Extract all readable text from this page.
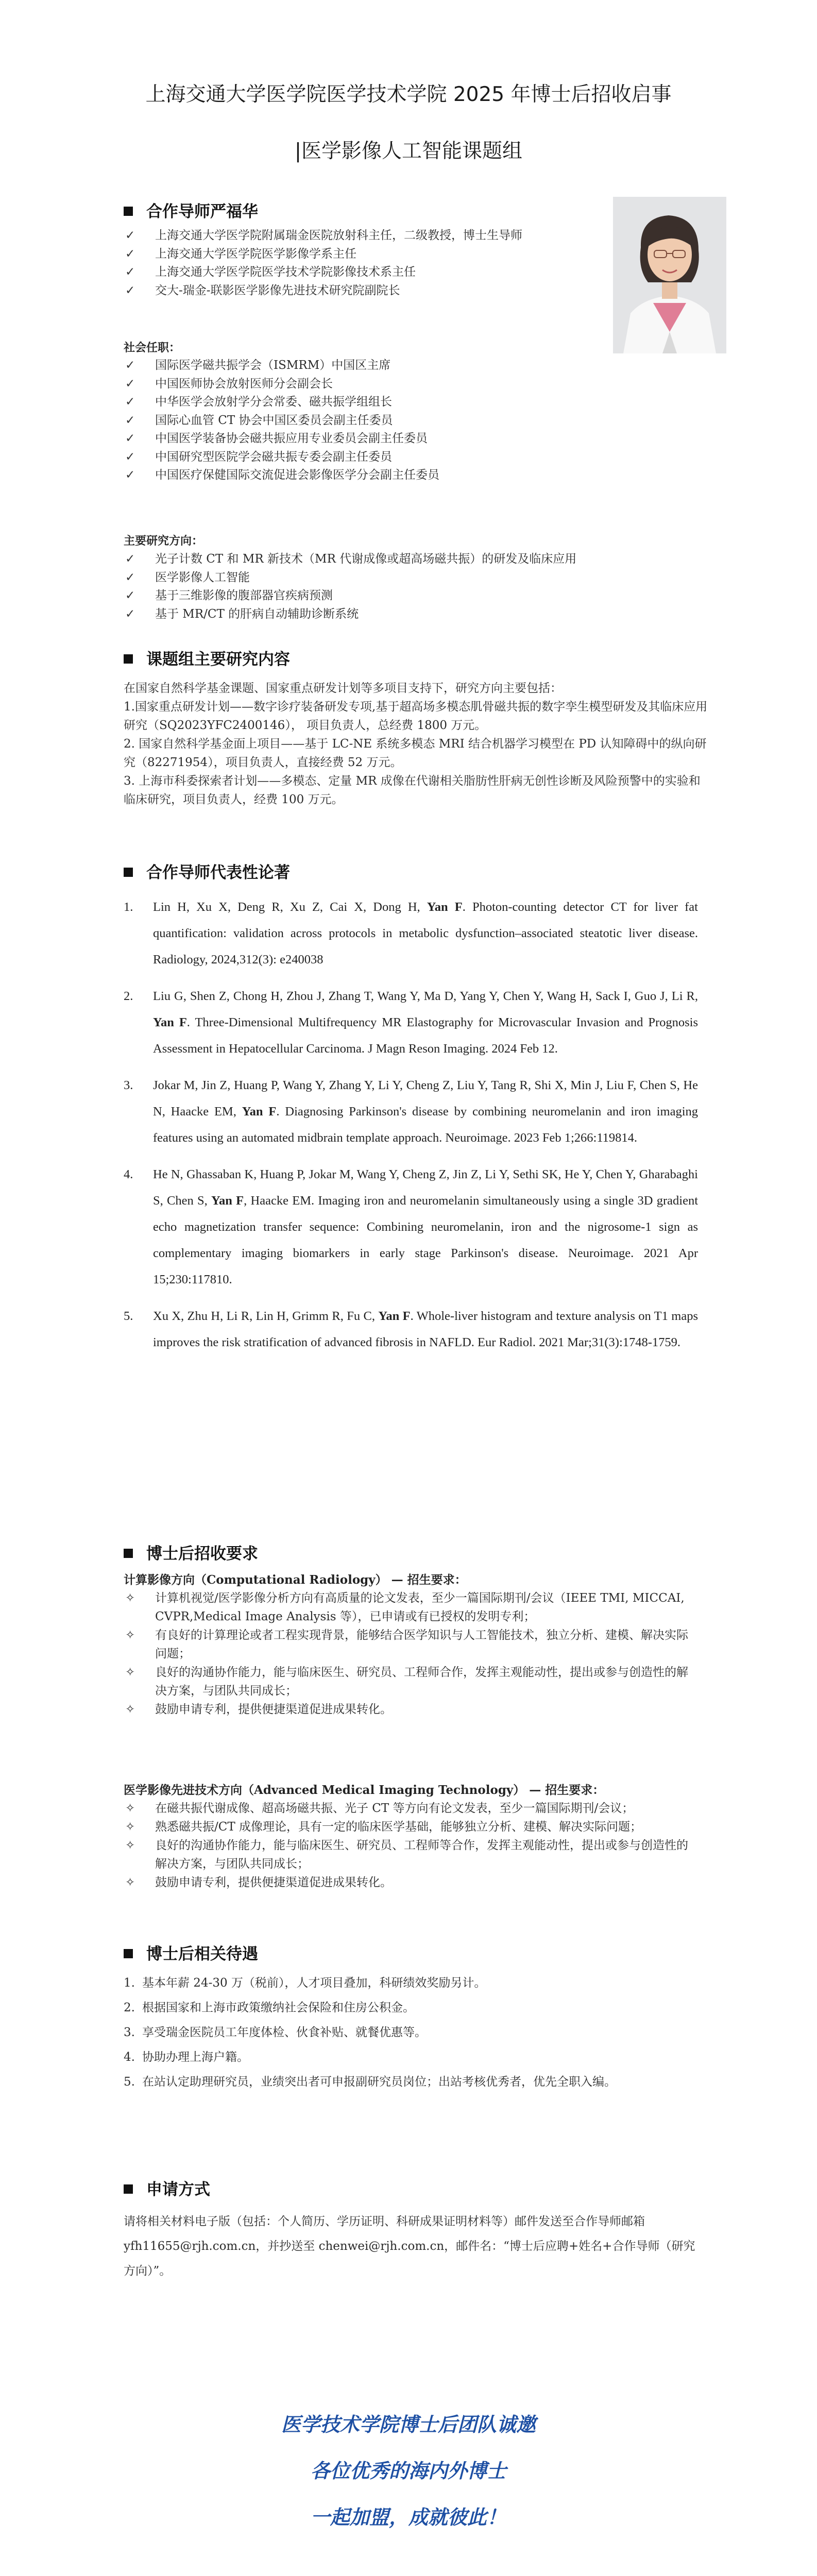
上海交通大学医学院医学技术学院 2025 年博士后招收启事
|医学影像人工智能课题组
合作导师严福华
✓ 上海交通大学医学院附属瑞金医院放射科主任，二级教授，博士生导师
✓ 上海交通大学医学院医学影像学系主任
✓ 上海交通大学医学院医学技术学院影像技术系主任
✓ 交大-瑞金-联影医学影像先进技术研究院副院长
社会任职：
✓ 国际医学磁共振学会（ISMRM）中国区主席
✓ 中国医师协会放射医师分会副会长
✓ 中华医学会放射学分会常委、磁共振学组组长
✓ 国际心血管 CT 协会中国区委员会副主任委员
✓ 中国医学装备协会磁共振应用专业委员会副主任委员
✓ 中国研究型医院学会磁共振专委会副主任委员
✓ 中国医疗保健国际交流促进会影像医学分会副主任委员
主要研究方向：
✓ 光子计数 CT 和 MR 新技术（MR 代谢成像或超高场磁共振）的研发及临床应用
✓ 医学影像人工智能
✓ 基于三维影像的腹部器官疾病预测
✓ 基于 MR/CT 的肝病自动辅助诊断系统
课题组主要研究内容

在国家自然科学基金课题、国家重点研发计划等多项目支持下，研究方向主要包括：

1.国家重点研发计划——数字诊疗装备研发专项,基于超高场多模态肌骨磁共振的数字孪生模型研发及其临床应用研究（SQ2023YFC2400146）， 项目负责人，总经费 1800 万元。

2. 国家自然科学基金面上项目——基于 LC-NE 系统多模态 MRI 结合机器学习模型在 PD 认知障碍中的纵向研究（82271954），项目负责人，直接经费 52 万元。

3. 上海市科委探索者计划——多模态、定量 MR 成像在代谢相关脂肪性肝病无创性诊断及风险预警中的实验和临床研究，项目负责人，经费 100 万元。

合作导师代表性论著
1. Lin H, Xu X, Deng R, Xu Z, Cai X, Dong H, Yan F. Photon-counting detector CT for liver fat quantification: validation across protocols in metabolic dysfunction–associated steatotic liver disease. Radiology, 2024,312(3): e240038
2. Liu G, Shen Z, Chong H, Zhou J, Zhang T, Wang Y, Ma D, Yang Y, Chen Y, Wang H, Sack I, Guo J, Li R, Yan F. Three-Dimensional Multifrequency MR Elastography for Microvascular Invasion and Prognosis Assessment in Hepatocellular Carcinoma. J Magn Reson Imaging. 2024 Feb 12.
3. Jokar M, Jin Z, Huang P, Wang Y, Zhang Y, Li Y, Cheng Z, Liu Y, Tang R, Shi X, Min J, Liu F, Chen S, He N, Haacke EM, Yan F. Diagnosing Parkinson's disease by combining neuromelanin and iron imaging features using an automated midbrain template approach. Neuroimage. 2023 Feb 1;266:119814.
4. He N, Ghassaban K, Huang P, Jokar M, Wang Y, Cheng Z, Jin Z, Li Y, Sethi SK, He Y, Chen Y, Gharabaghi S, Chen S, Yan F, Haacke EM. Imaging iron and neuromelanin simultaneously using a single 3D gradient echo magnetization transfer sequence: Combining neuromelanin, iron and the nigrosome-1 sign as complementary imaging biomarkers in early stage Parkinson's disease. Neuroimage. 2021 Apr 15;230:117810.
5. Xu X, Zhu H, Li R, Lin H, Grimm R, Fu C, Yan F. Whole-liver histogram and texture analysis on T1 maps improves the risk stratification of advanced fibrosis in NAFLD. Eur Radiol. 2021 Mar;31(3):1748-1759.
博士后招收要求
计算影像方向（Computational Radiology） — 招生要求：
✧ 计算机视觉/医学影像分析方向有高质量的论文发表，至少一篇国际期刊/会议（IEEE TMI, MICCAI, CVPR,Medical Image Analysis 等），已申请或有已授权的发明专利；
✧ 有良好的计算理论或者工程实现背景，能够结合医学知识与人工智能技术，独立分析、建模、解决实际问题；
✧ 良好的沟通协作能力，能与临床医生、研究员、工程师合作，发挥主观能动性，提出或参与创造性的解决方案，与团队共同成长；
✧ 鼓励申请专利，提供便捷渠道促进成果转化。
医学影像先进技术方向（Advanced Medical Imaging Technology） — 招生要求：
✧ 在磁共振代谢成像、超高场磁共振、光子 CT 等方向有论文发表，至少一篇国际期刊/会议；
✧ 熟悉磁共振/CT 成像理论，具有一定的临床医学基础，能够独立分析、建模、解决实际问题；
✧ 良好的沟通协作能力，能与临床医生、研究员、工程师等合作，发挥主观能动性，提出或参与创造性的解决方案，与团队共同成长；
✧ 鼓励申请专利，提供便捷渠道促进成果转化。
博士后相关待遇
1. 基本年薪 24-30 万（税前），人才项目叠加，科研绩效奖励另计。
2. 根据国家和上海市政策缴纳社会保险和住房公积金。
3. 享受瑞金医院员工年度体检、伙食补贴、就餐优惠等。
4. 协助办理上海户籍。
5. 在站认定助理研究员，业绩突出者可申报副研究员岗位；出站考核优秀者，优先全职入编。
申请方式

请将相关材料电子版（包括：个人简历、学历证明、科研成果证明材料等）邮件发送至合作导师邮箱 yfh11655@rjh.com.cn，并抄送至 chenwei@rjh.com.cn，邮件名：“博士后应聘+姓名+合作导师（研究方向）”。

医学技术学院博士后团队诚邀
各位优秀的海内外博士
一起加盟，成就彼此！
